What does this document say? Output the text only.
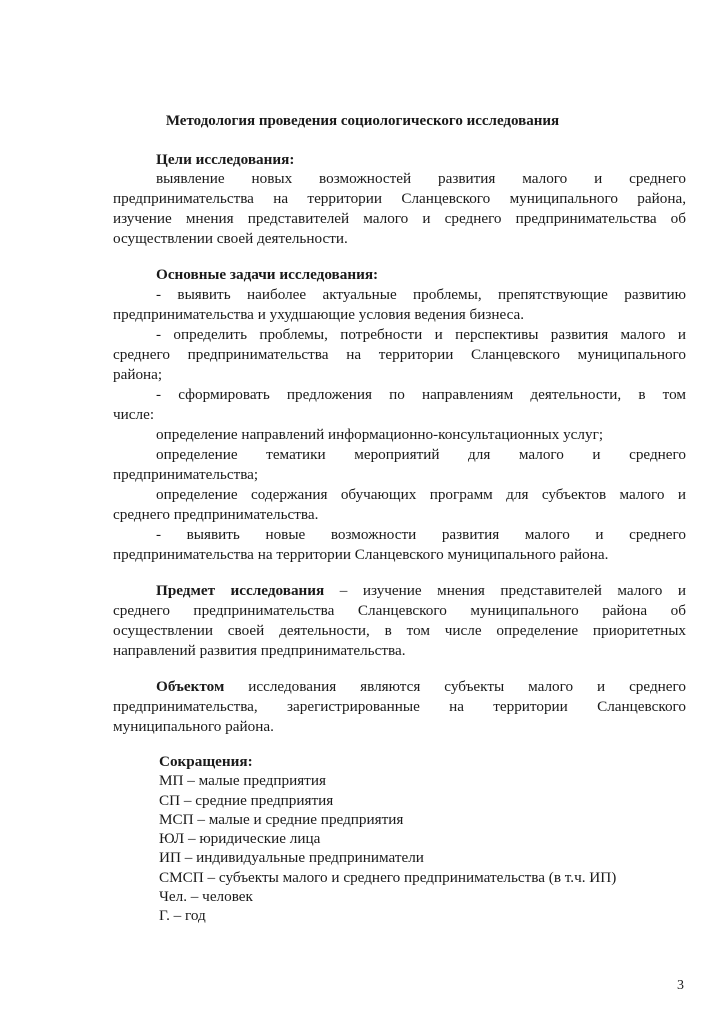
Методология проведения социологического исследования
Цели исследования:
выявление новых возможностей развития малого и среднего
предпринимательства на территории Сланцевского муниципального района,
изучение мнения представителей малого и среднего предпринимательства об
осуществлении своей деятельности.
Основные задачи исследования:
- выявить наиболее актуальные проблемы, препятствующие развитию
предпринимательства и ухудшающие условия ведения бизнеса.
- определить проблемы, потребности и перспективы развития малого и
среднего предпринимательства на территории Сланцевского муниципального
района;
- сформировать предложения по направлениям деятельности, в том
числе:
определение направлений информационно-консультационных услуг;
определение тематики мероприятий для малого и среднего
предпринимательства;
определение содержания обучающих программ для субъектов малого и
среднего предпринимательства.
- выявить новые возможности развития малого и среднего
предпринимательства на территории Сланцевского муниципального района.
Предмет исследования – изучение мнения представителей малого и
среднего предпринимательства Сланцевского муниципального района об
осуществлении своей деятельности, в том числе определение приоритетных
направлений развития предпринимательства.
Объектом исследования являются субъекты малого и среднего
предпринимательства, зарегистрированные на территории Сланцевского
муниципального района.
Сокращения:
МП – малые предприятия
СП – средние предприятия
МСП – малые и средние предприятия
ЮЛ – юридические лица
ИП – индивидуальные предприниматели
СМСП – субъекты малого и среднего предпринимательства (в т.ч. ИП)
Чел. – человек
Г. – год
3
